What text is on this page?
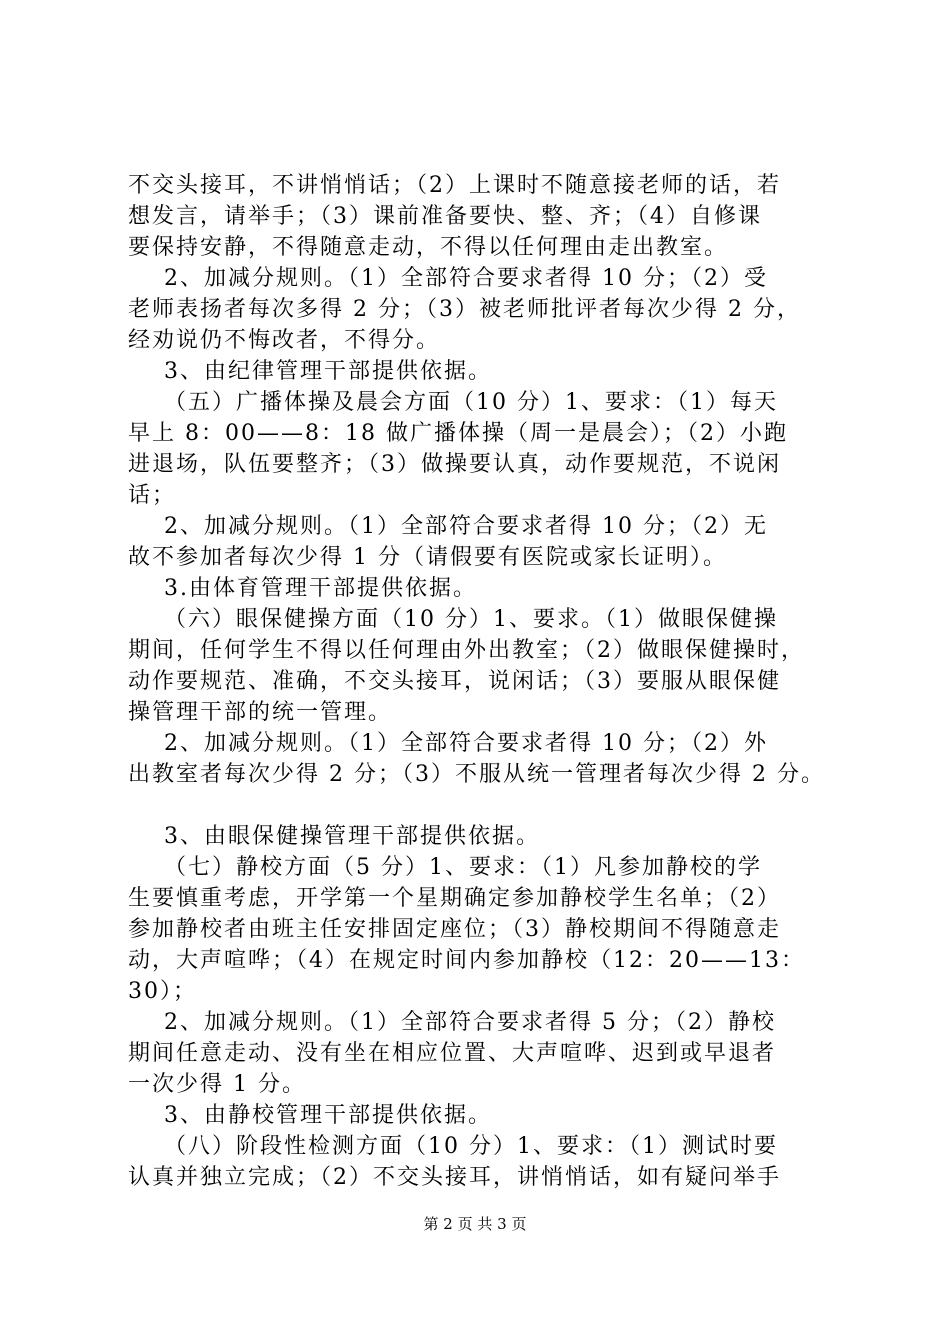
不交头接耳，不讲悄悄话；（2）上课时不随意接老师的话，若
想发言，请举手；（3）课前准备要快、整、齐；（4）自修课
要保持安静，不得随意走动，不得以任何理由走出教室。
2、加减分规则。（1）全部符合要求者得 10 分；（2）受
老师表扬者每次多得 2 分；（3）被老师批评者每次少得 2 分，
经劝说仍不悔改者，不得分。
3、由纪律管理干部提供依据。
（五）广播体操及晨会方面（10 分）1、要求：（1）每天
早上 8：00——8：18 做广播体操（周一是晨会）；（2）小跑
进退场，队伍要整齐；（3）做操要认真，动作要规范，不说闲
话；
2、加减分规则。（1）全部符合要求者得 10 分；（2）无
故不参加者每次少得 1 分（请假要有医院或家长证明）。
3.由体育管理干部提供依据。
（六）眼保健操方面（10 分）1、要求。（1）做眼保健操
期间，任何学生不得以任何理由外出教室；（2）做眼保健操时，
动作要规范、准确，不交头接耳，说闲话；（3）要服从眼保健
操管理干部的统一管理。
2、加减分规则。（1）全部符合要求者得 10 分；（2）外
出教室者每次少得 2 分；（3）不服从统一管理者每次少得 2 分。
3、由眼保健操管理干部提供依据。
（七）静校方面（5 分）1、要求：（1）凡参加静校的学
生要慎重考虑，开学第一个星期确定参加静校学生名单；（2）
参加静校者由班主任安排固定座位；（3）静校期间不得随意走
动，大声喧哗；（4）在规定时间内参加静校（12：20——13：
30）；
2、加减分规则。（1）全部符合要求者得 5 分；（2）静校
期间任意走动、没有坐在相应位置、大声喧哗、迟到或早退者
一次少得 1 分。
3、由静校管理干部提供依据。
（八）阶段性检测方面（10 分）1、要求：（1）测试时要
认真并独立完成；（2）不交头接耳，讲悄悄话，如有疑问举手
第 2 页 共 3 页
